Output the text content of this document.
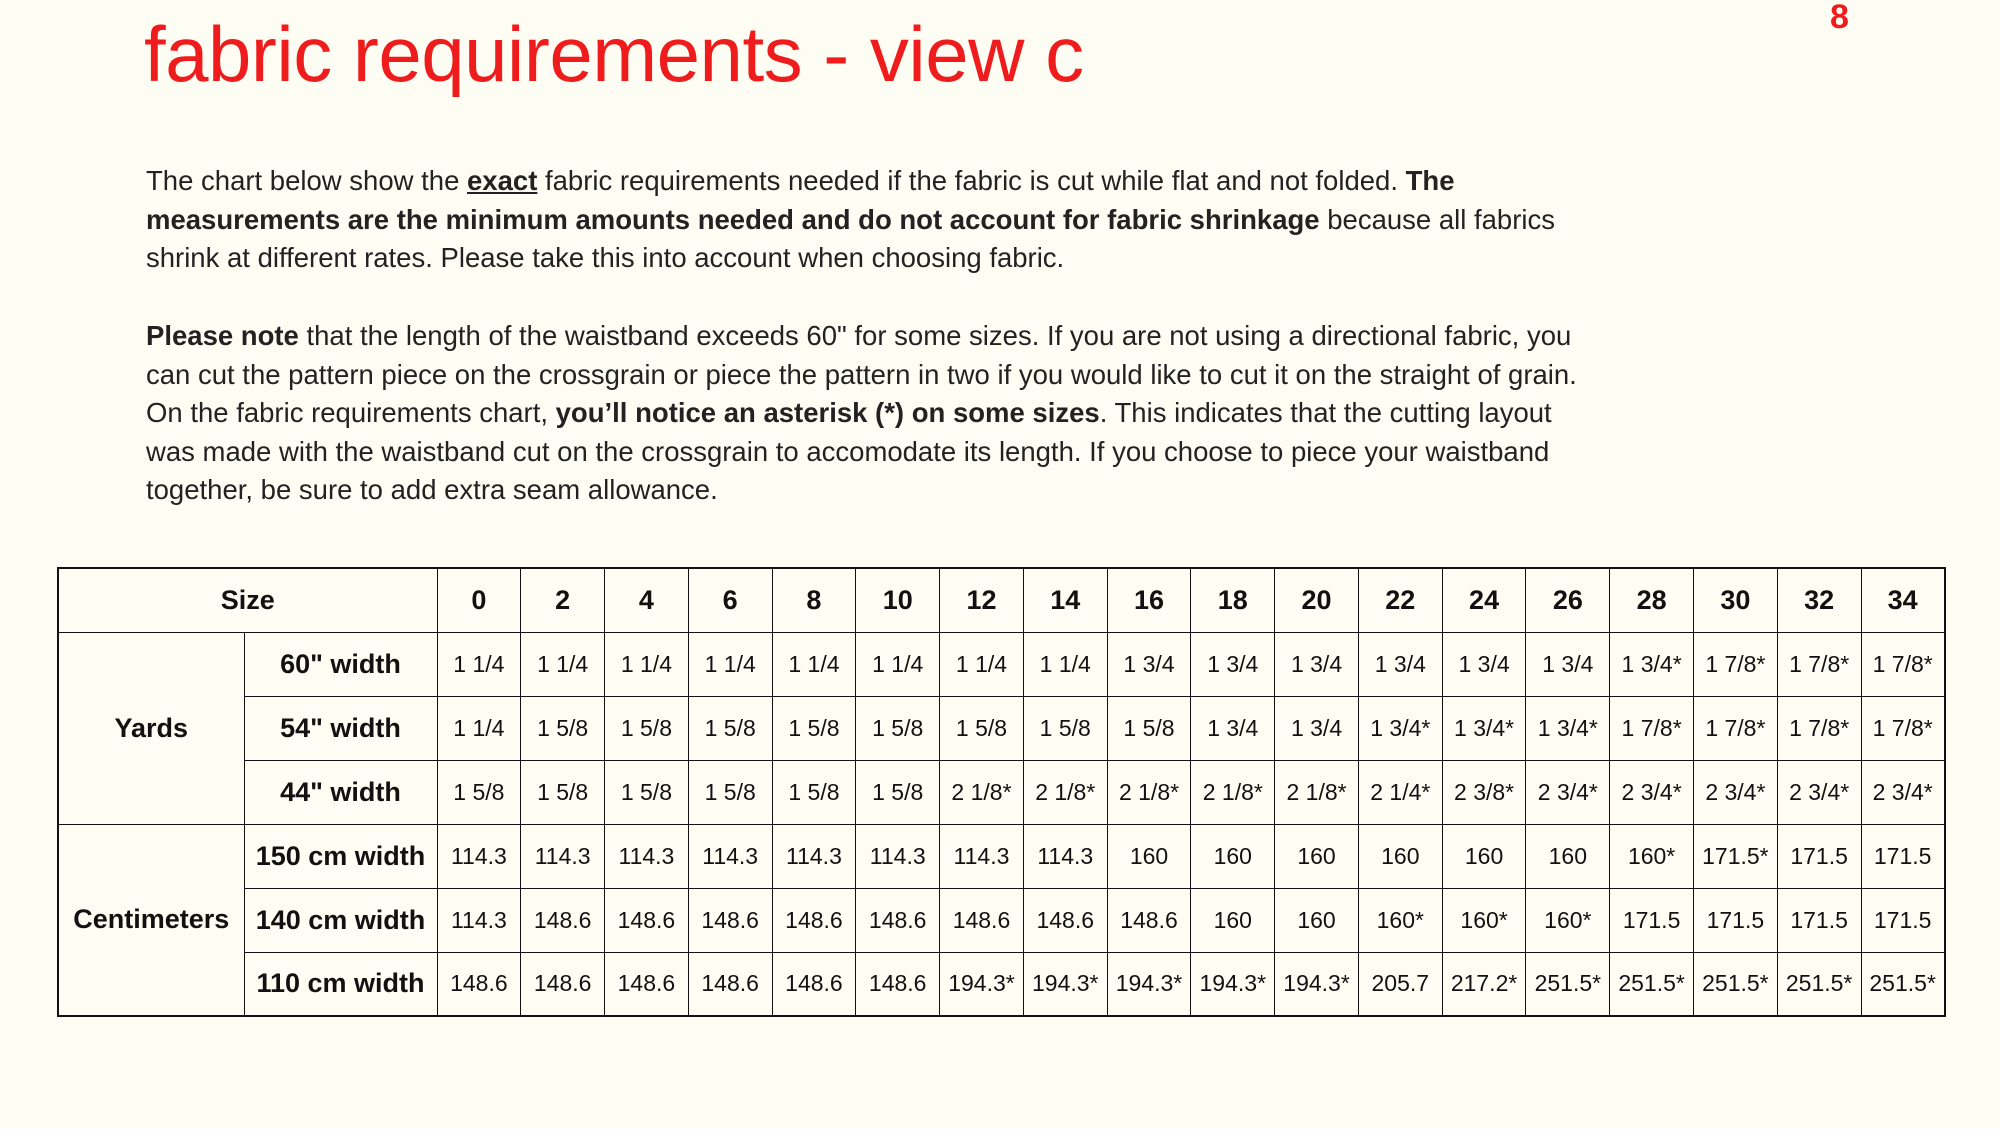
8
fabric requirements - view c

The chart below show the exact fabric requirements needed if the fabric is cut while flat and not folded. The measurements are the minimum amounts needed and do not account for fabric shrinkage because all fabrics shrink at different rates. Please take this into account when choosing fabric.

Please note that the length of the waistband exceeds 60" for some sizes. If you are not using a directional fabric, you can cut the pattern piece on the crossgrain or piece the pattern in two if you would like to cut it on the straight of grain. On the fabric requirements chart, you’ll notice an asterisk (*) on some sizes. This indicates that the cutting layout was made with the waistband cut on the crossgrain to accomodate its length. If you choose to piece your waistband together, be sure to add extra seam allowance.

Size		0	2	4	6	8	10	12	14	16	18	20	22	24	26	28	30	32	34
Yards	60" width	1 1/4	1 1/4	1 1/4	1 1/4	1 1/4	1 1/4	1 1/4	1 1/4	1 3/4	1 3/4	1 3/4	1 3/4	1 3/4	1 3/4	1 3/4*	1 7/8*	1 7/8*	1 7/8*
	54" width	1 1/4	1 5/8	1 5/8	1 5/8	1 5/8	1 5/8	1 5/8	1 5/8	1 5/8	1 3/4	1 3/4	1 3/4*	1 3/4*	1 3/4*	1 7/8*	1 7/8*	1 7/8*	1 7/8*
	44" width	1 5/8	1 5/8	1 5/8	1 5/8	1 5/8	1 5/8	2 1/8*	2 1/8*	2 1/8*	2 1/8*	2 1/8*	2 1/4*	2 3/8*	2 3/4*	2 3/4*	2 3/4*	2 3/4*	2 3/4*
Centimeters	150 cm width	114.3	114.3	114.3	114.3	114.3	114.3	114.3	114.3	160	160	160	160	160	160	160*	171.5*	171.5	171.5
	140 cm width	114.3	148.6	148.6	148.6	148.6	148.6	148.6	148.6	148.6	160	160	160*	160*	160*	171.5	171.5	171.5	171.5
	110 cm width	148.6	148.6	148.6	148.6	148.6	148.6	194.3*	194.3*	194.3*	194.3*	194.3*	205.7	217.2*	251.5*	251.5*	251.5*	251.5*	251.5*
